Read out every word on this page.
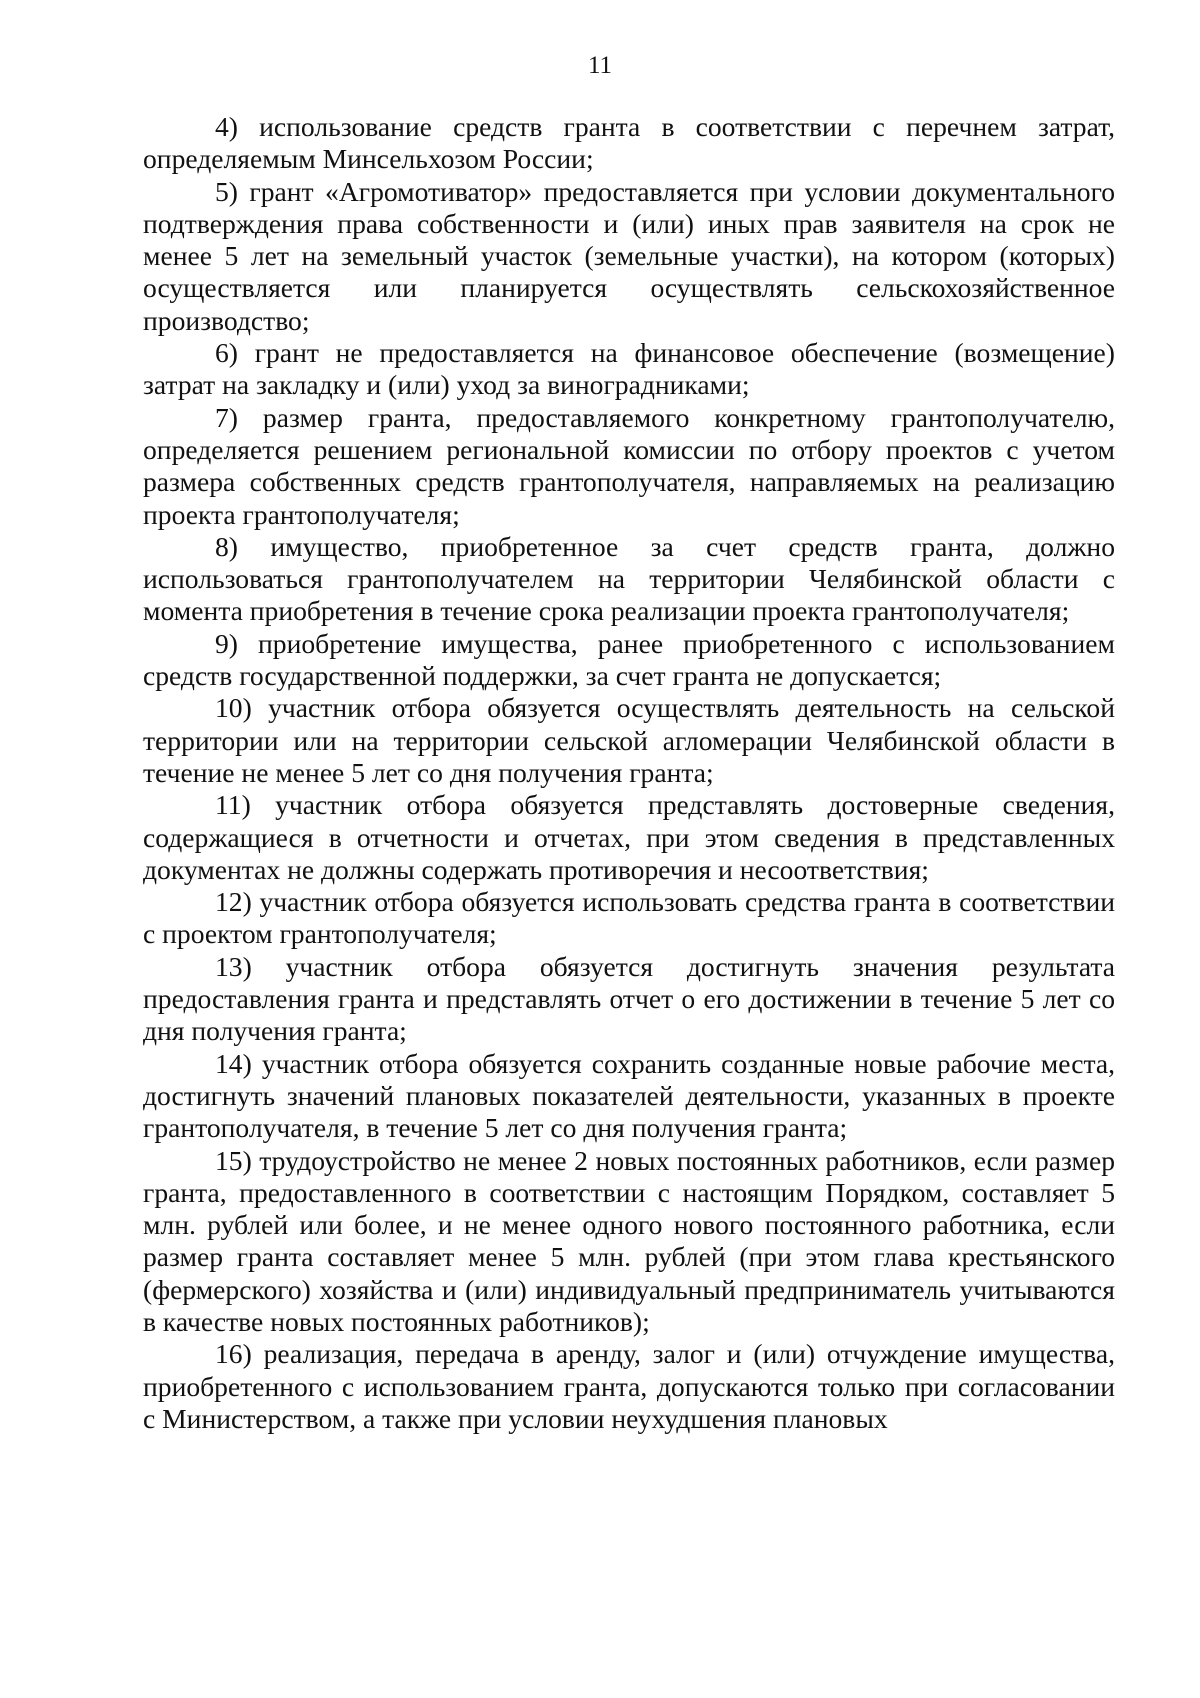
11

4) использование средств гранта в соответствии с перечнем затрат, определяемым Минсельхозом России;

5) грант «Агромотиватор» предоставляется при условии документального подтверждения права собственности и (или) иных прав заявителя на срок не менее 5 лет на земельный участок (земельные участки), на котором (которых) осуществляется или планируется осуществлять сельскохозяйственное производство;

6) грант не предоставляется на финансовое обеспечение (возмещение) затрат на закладку и (или) уход за виноградниками;

7) размер гранта, предоставляемого конкретному грантополучателю, определяется решением региональной комиссии по отбору проектов с учетом размера собственных средств грантополучателя, направляемых на реализацию проекта грантополучателя;

8) имущество, приобретенное за счет средств гранта, должно использоваться грантополучателем на территории Челябинской области с момента приобретения в течение срока реализации проекта грантополучателя;

9) приобретение имущества, ранее приобретенного с использованием средств государственной поддержки, за счет гранта не допускается;

10) участник отбора обязуется осуществлять деятельность на сельской территории или на территории сельской агломерации Челябинской области в течение не менее 5 лет со дня получения гранта;

11) участник отбора обязуется представлять достоверные сведения, содержащиеся в отчетности и отчетах, при этом сведения в представленных документах не должны содержать противоречия и несоответствия;

12) участник отбора обязуется использовать средства гранта в соответствии с проектом грантополучателя;

13) участник отбора обязуется достигнуть значения результата предоставления гранта и представлять отчет о его достижении в течение 5 лет со дня получения гранта;

14) участник отбора обязуется сохранить созданные новые рабочие места, достигнуть значений плановых показателей деятельности, указанных в проекте грантополучателя, в течение 5 лет со дня получения гранта;

15) трудоустройство не менее 2 новых постоянных работников, если размер гранта, предоставленного в соответствии с настоящим Порядком, составляет 5 млн. рублей или более, и не менее одного нового постоянного работника, если размер гранта составляет менее 5 млн. рублей (при этом глава крестьянского (фермерского) хозяйства и (или) индивидуальный предприниматель учитываются в качестве новых постоянных работников);

16) реализация, передача в аренду, залог и (или) отчуждение имущества, приобретенного с использованием гранта, допускаются только при согласовании с Министерством, а также при условии неухудшения плановых
